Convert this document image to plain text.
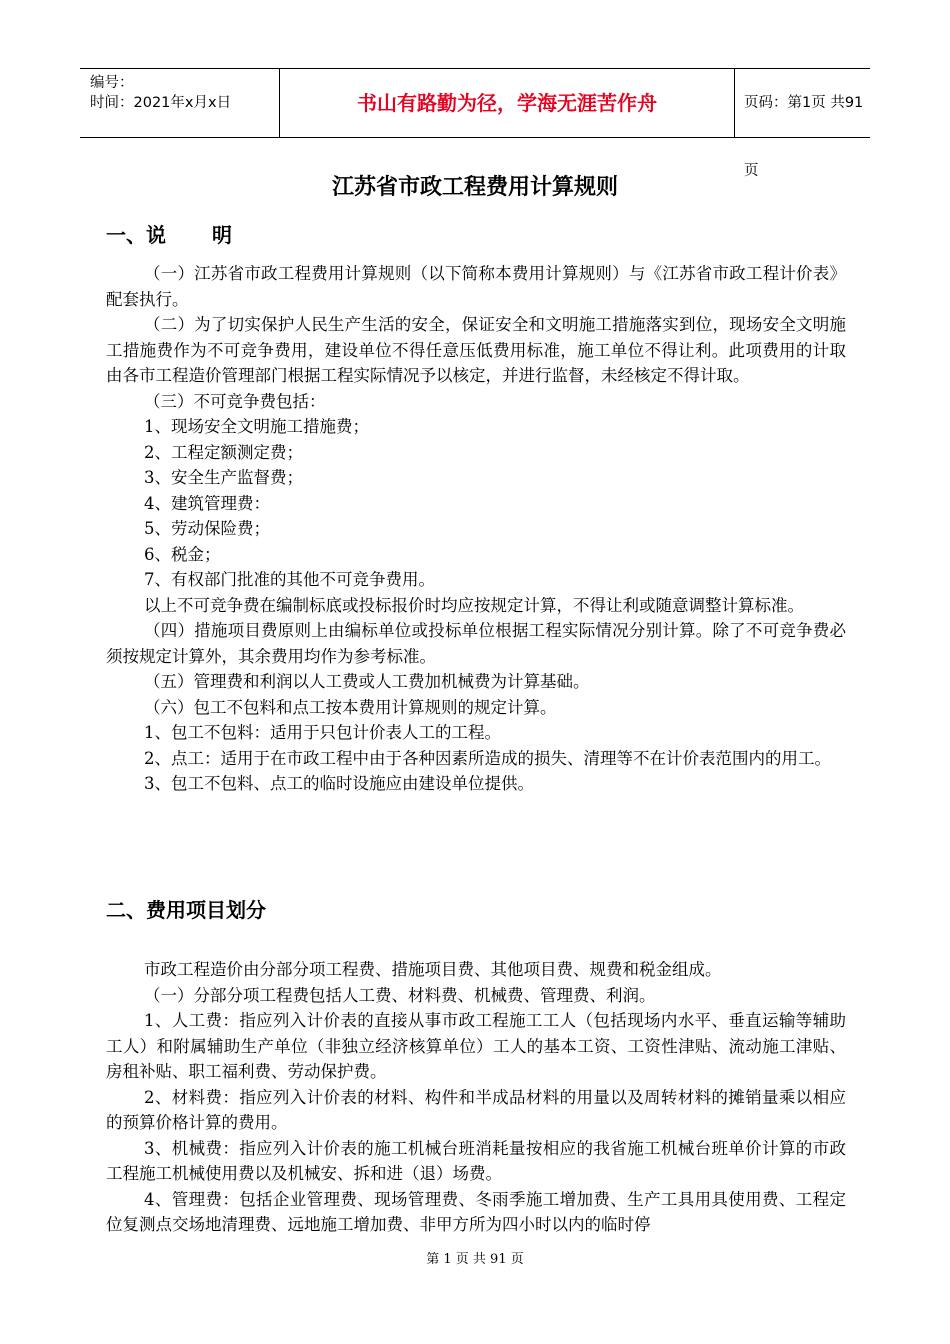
编号：
时间：2021年x月x日	书山有路勤为径，学海无涯苦作舟	页码：第1页 共91页
江苏省市政工程费用计算规则
一、说 明

（一）江苏省市政工程费用计算规则（以下简称本费用计算规则）与《江苏省市政工程计价表》配套执行。

（二）为了切实保护人民生产生活的安全，保证安全和文明施工措施落实到位，现场安全文明施工措施费作为不可竞争费用，建设单位不得任意压低费用标准，施工单位不得让利。此项费用的计取由各市工程造价管理部门根据工程实际情况予以核定，并进行监督，未经核定不得计取。

（三）不可竞争费包括：

1、现场安全文明施工措施费；

2、工程定额测定费；

3、安全生产监督费；

4、建筑管理费：

5、劳动保险费；

6、税金；

7、有权部门批准的其他不可竞争费用。

以上不可竞争费在编制标底或投标报价时均应按规定计算，不得让利或随意调整计算标准。

（四）措施项目费原则上由编标单位或投标单位根据工程实际情况分别计算。除了不可竞争费必须按规定计算外，其余费用均作为参考标准。

（五）管理费和利润以人工费或人工费加机械费为计算基础。

（六）包工不包料和点工按本费用计算规则的规定计算。

1、包工不包料：适用于只包计价表人工的工程。

2、点工：适用于在市政工程中由于各种因素所造成的损失、清理等不在计价表范围内的用工。

3、包工不包料、点工的临时设施应由建设单位提供。

二、费用项目划分

市政工程造价由分部分项工程费、措施项目费、其他项目费、规费和税金组成。

（一）分部分项工程费包括人工费、材料费、机械费、管理费、利润。

1、人工费：指应列入计价表的直接从事市政工程施工工人（包括现场内水平、垂直运输等辅助工人）和附属辅助生产单位（非独立经济核算单位）工人的基本工资、工资性津贴、流动施工津贴、房租补贴、职工福利费、劳动保护费。

2、材料费：指应列入计价表的材料、构件和半成品材料的用量以及周转材料的摊销量乘以相应的预算价格计算的费用。

3、机械费：指应列入计价表的施工机械台班消耗量按相应的我省施工机械台班单价计算的市政工程施工机械使用费以及机械安、拆和进（退）场费。

4、管理费：包括企业管理费、现场管理费、冬雨季施工增加费、生产工具用具使用费、工程定位复测点交场地清理费、远地施工增加费、非甲方所为四小时以内的临时停

第 1 页 共 91 页
